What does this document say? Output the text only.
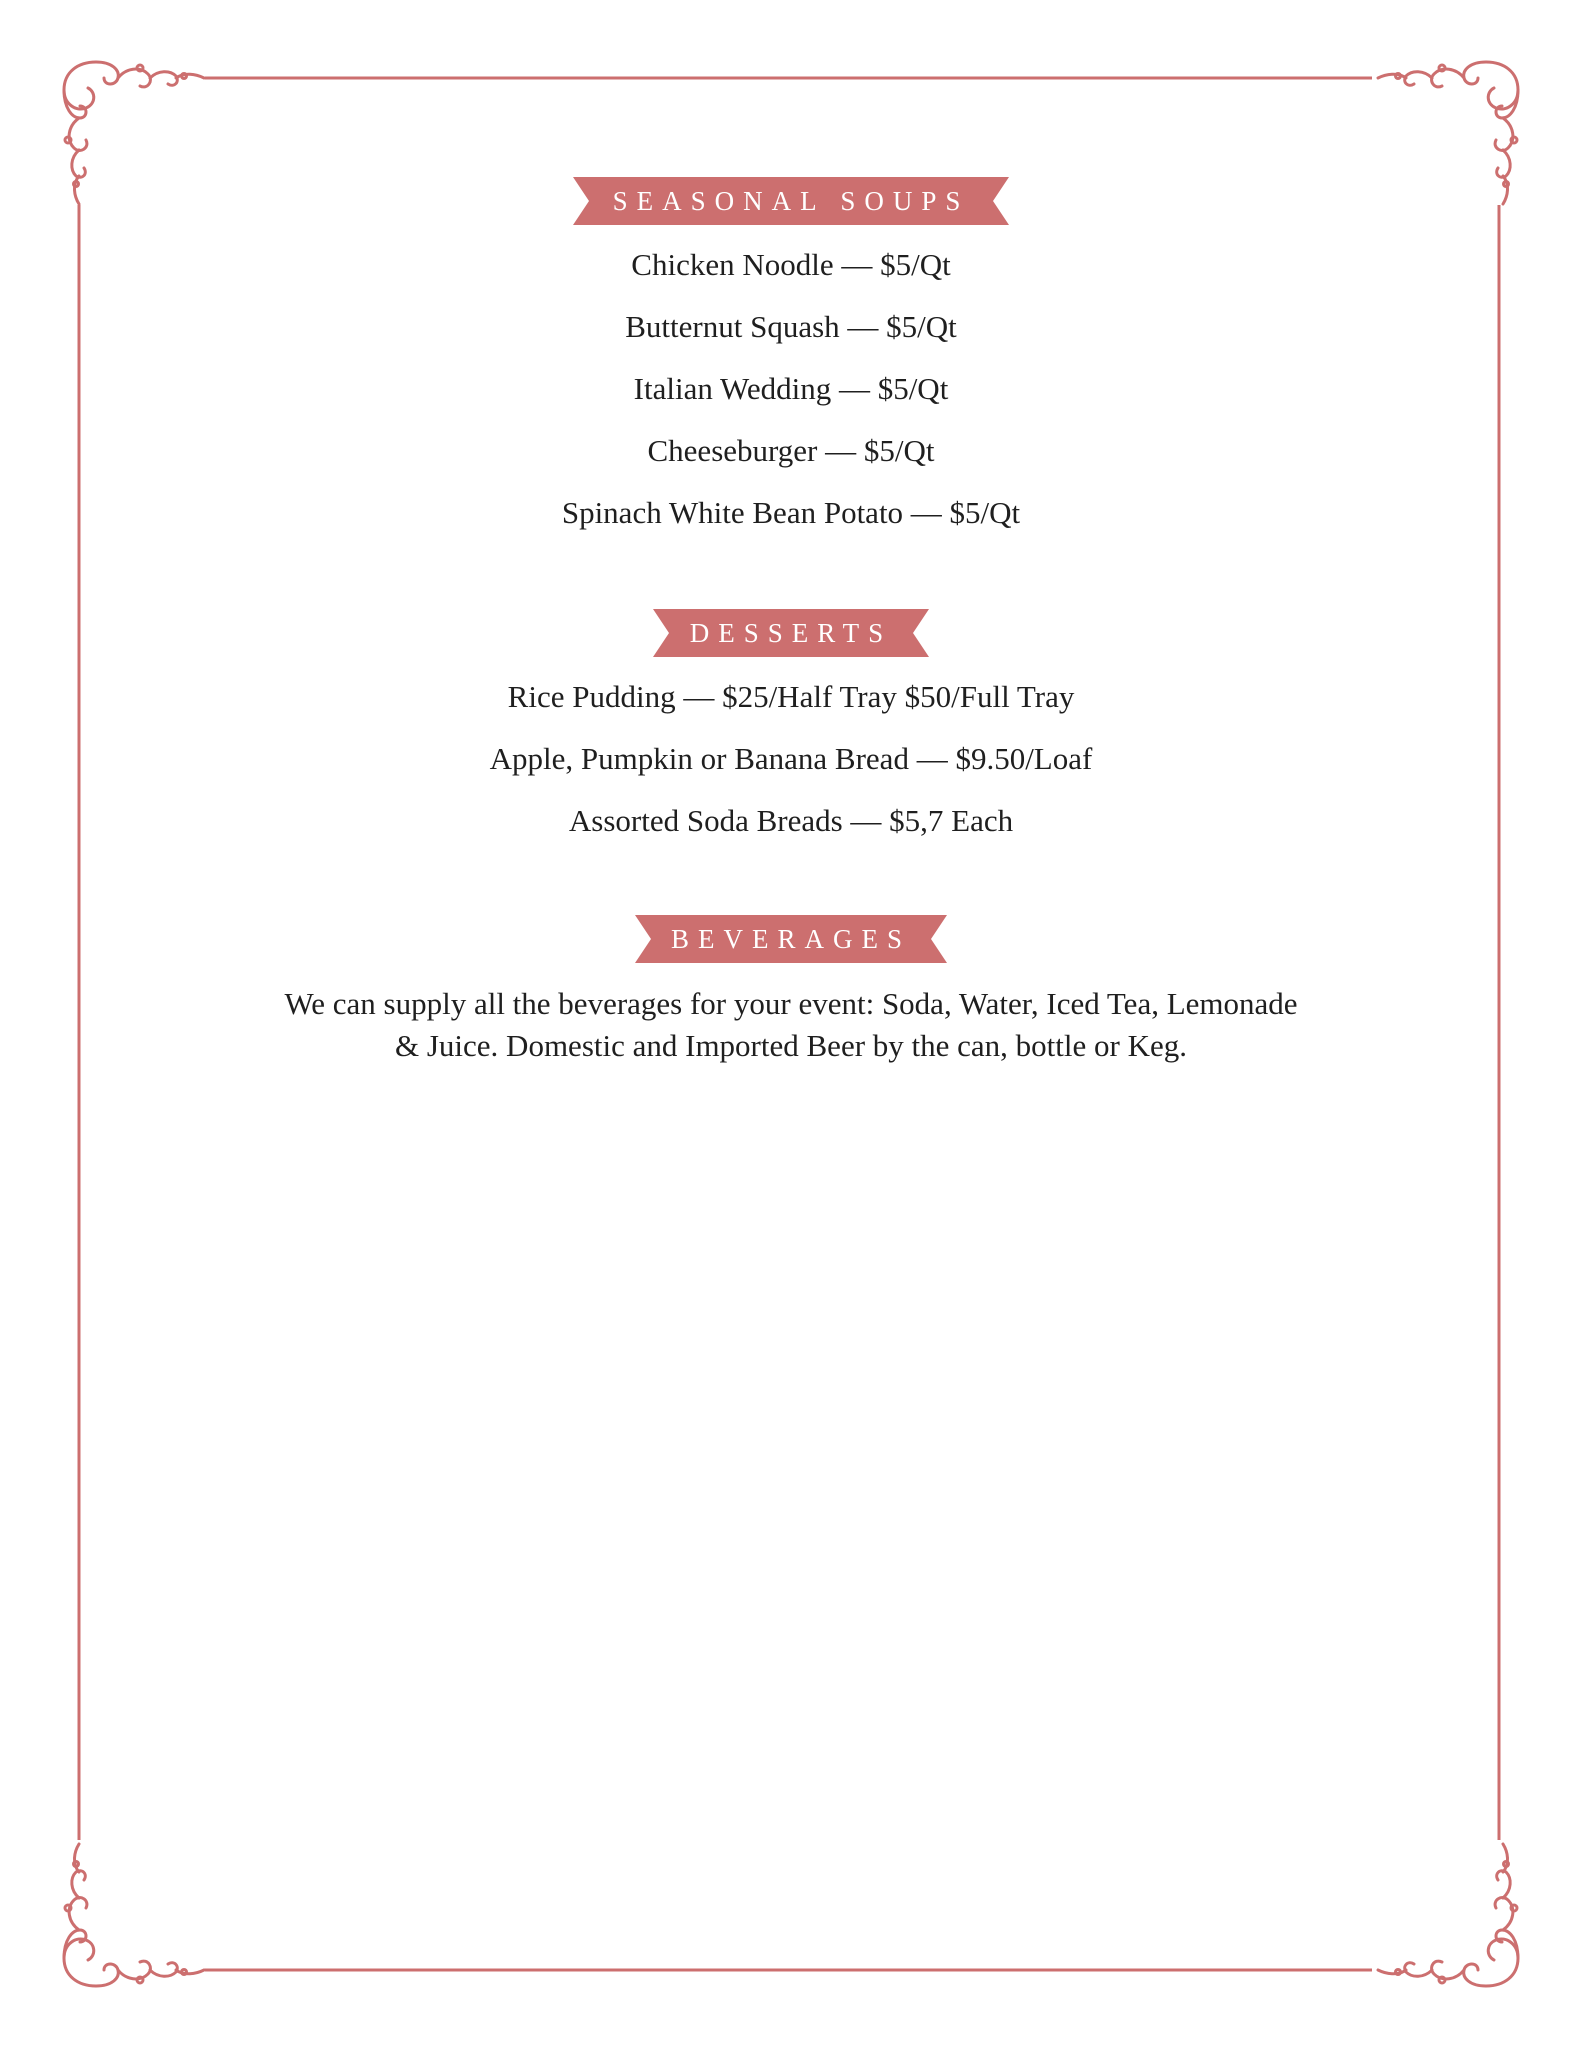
SEASONAL SOUPS
Chicken Noodle — $5/Qt
Butternut Squash — $5/Qt
Italian Wedding — $5/Qt
Cheeseburger — $5/Qt
Spinach White Bean Potato — $5/Qt
DESSERTS
Rice Pudding — $25/Half Tray $50/Full Tray
Apple, Pumpkin or Banana Bread — $9.50/Loaf
Assorted Soda Breads — $5,7 Each
BEVERAGES
We can supply all the beverages for your event: Soda, Water, Iced Tea, Lemonade
& Juice. Domestic and Imported Beer by the can, bottle or Keg.
